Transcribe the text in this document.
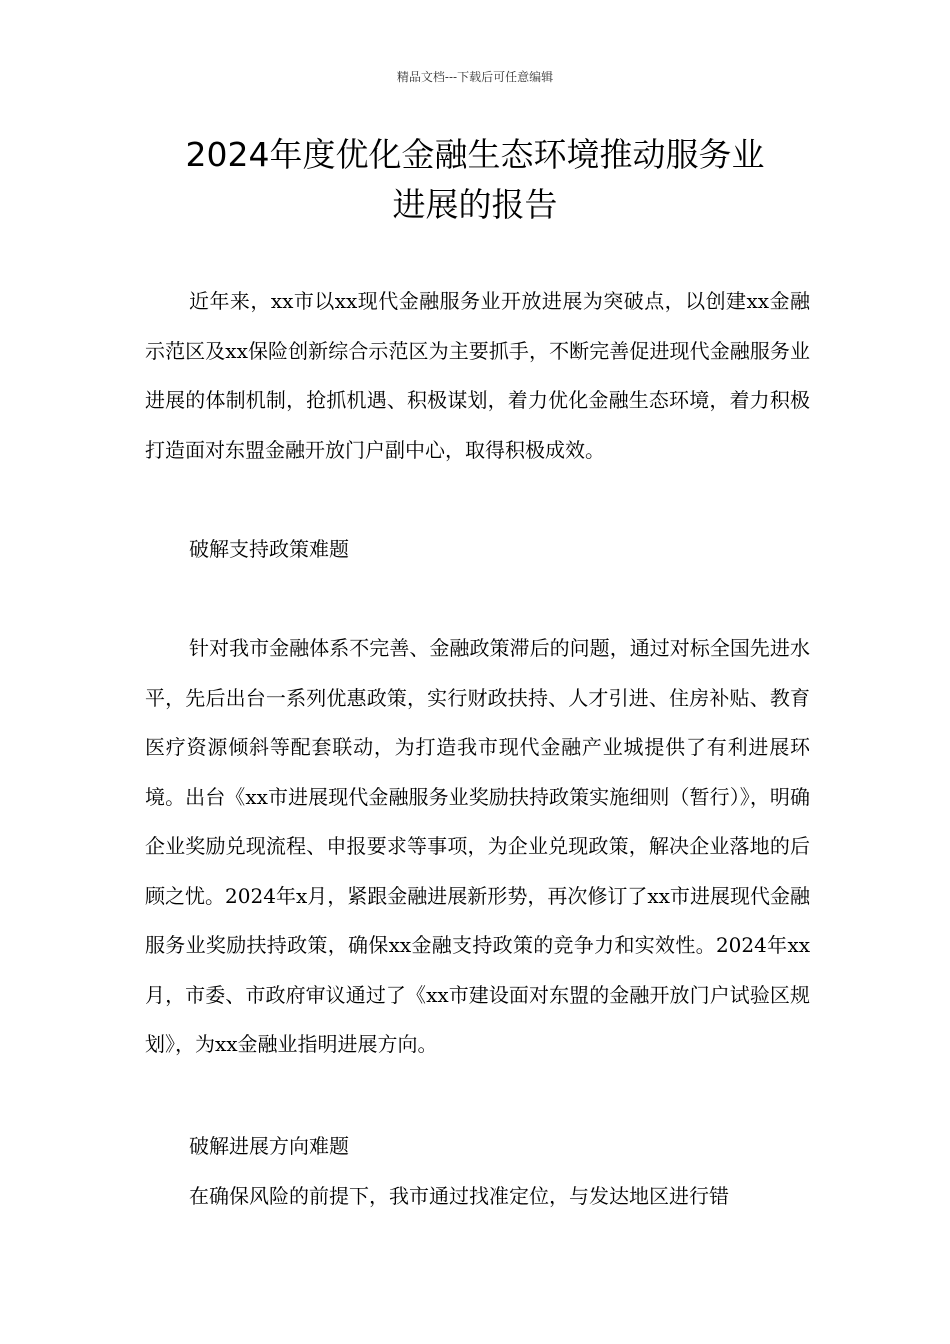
精品文档---下载后可任意编辑
2024年度优化金融生态环境推动服务业
进展的报告

近年来，xx市以xx现代金融服务业开放进展为突破点，以创建xx金融示范区及xx保险创新综合示范区为主要抓手，不断完善促进现代金融服务业进展的体制机制，抢抓机遇、积极谋划，着力优化金融生态环境，着力积极打造面对东盟金融开放门户副中心，取得积极成效。

破解支持政策难题

针对我市金融体系不完善、金融政策滞后的问题，通过对标全国先进水平，先后出台一系列优惠政策，实行财政扶持、人才引进、住房补贴、教育医疗资源倾斜等配套联动，为打造我市现代金融产业城提供了有利进展环境。出台《xx市进展现代金融服务业奖励扶持政策实施细则（暂行）》，明确企业奖励兑现流程、申报要求等事项，为企业兑现政策，解决企业落地的后顾之忧。2024年x月，紧跟金融进展新形势，再次修订了xx市进展现代金融服务业奖励扶持政策，确保xx金融支持政策的竞争力和实效性。2024年xx月，市委、市政府审议通过了《xx市建设面对东盟的金融开放门户试验区规划》，为xx金融业指明进展方向。

破解进展方向难题

在确保风险的前提下，我市通过找准定位，与发达地区进行错
